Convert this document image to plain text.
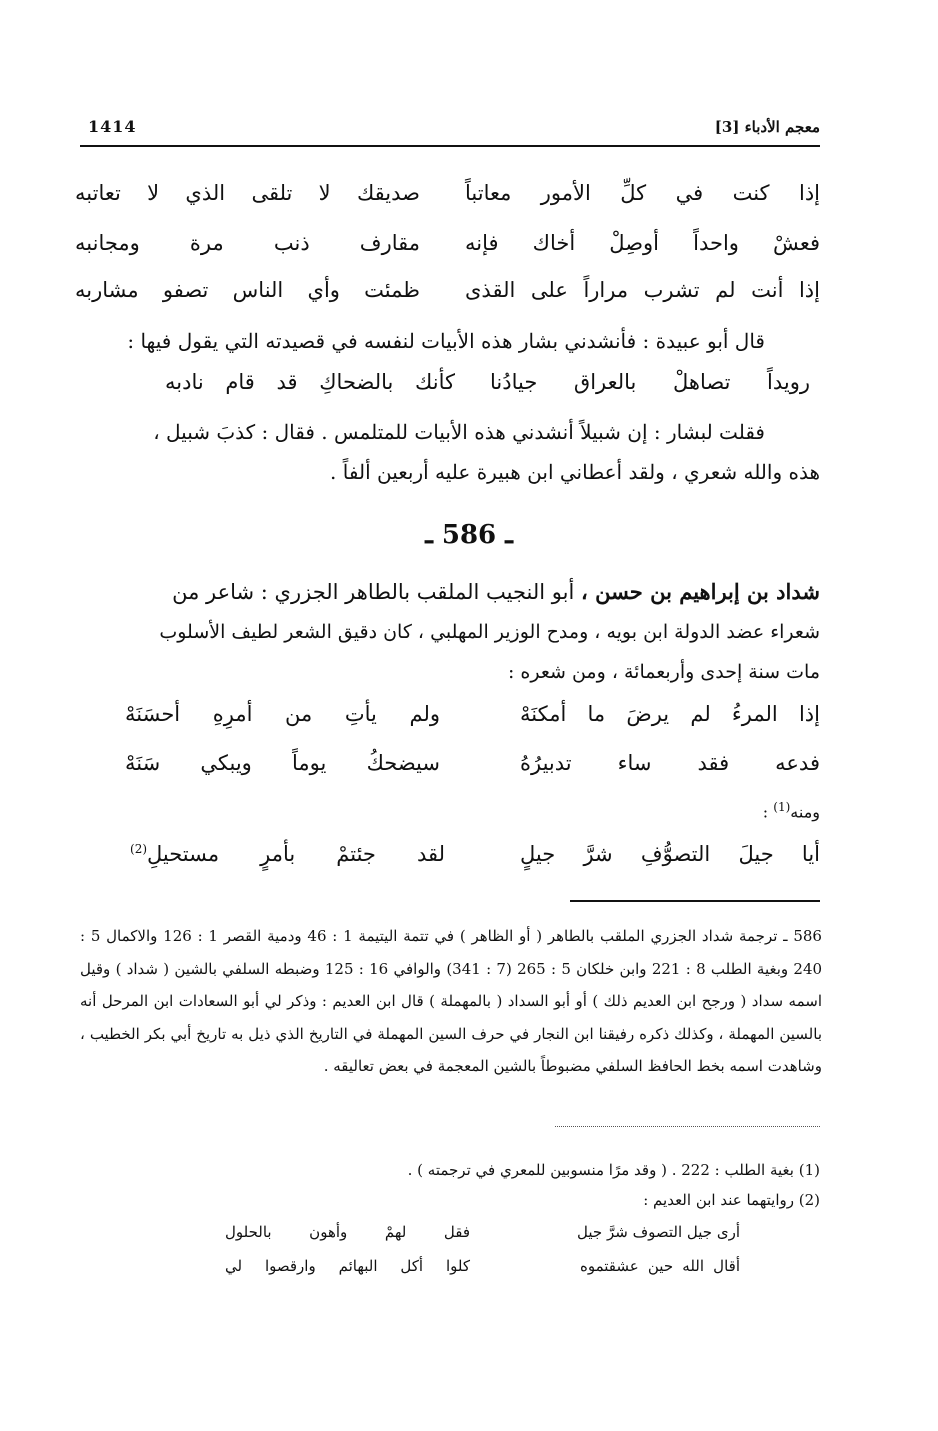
معجم الأدباء [3]
1414
إذا كنت في كلِّ الأمور معاتباً
صديقك لا تلقى الذي لا تعاتبه
فعشْ واحداً أوصِلْ أخاك فإنه
مقارف ذنب مرة ومجانبه
إذا أنت لم تشرب مراراً على القذى
ظمئت وأي الناس تصفو مشاربه
قال أبو عبيدة : فأنشدني بشار هذه الأبيات لنفسه في قصيدته التي يقول فيها :
رويداً تصاهلْ بالعراق جيادُنا
كأنك بالضحاكِ قد قام نادبه
فقلت لبشار : إن شبيلاً أنشدني هذه الأبيات للمتلمس . فقال : كذبَ شبيل ،
هذه والله شعري ، ولقد أعطاني ابن هبيرة عليه أربعين ألفاً .
ـ 586 ـ
شداد بن إبراهيم بن حسن ، أبو النجيب الملقب بالطاهر الجزري : شاعر من
شعراء عضد الدولة ابن بويه ، ومدح الوزير المهلبي ، كان دقيق الشعر لطيف الأسلوب
مات سنة إحدى وأربعمائة ، ومن شعره :
إذا المرءُ لم يرضَ ما أمكنَهْ
ولم يأتِ من أمرِهِ أحسَنَهْ
فدعه فقد ساء تدبيرُهُ
سيضحكُ يوماً ويبكي سَنَهْ
ومنه$^{(1)}$ :
أيا جيلَ التصوُّفِ شرَّ جيلٍ
لقد جئتمْ بأمرٍ مستحيلِ$^{(2)}$
586 ـ ترجمة شداد الجزري الملقب بالطاهر ( أو الظاهر ) في تتمة اليتيمة 1 : 46 ودمية القصر 1 : 126 والاكمال 5 : 240 وبغية الطلب 8 : 221 وابن خلكان 5 : 265 (7 : 341) والوافي 16 : 125 وضبطه السلفي بالشين ( شداد ) وقيل اسمه سداد ( ورجح ابن العديم ذلك ) أو أبو السداد ( بالمهملة ) قال ابن العديم : وذكر لي أبو السعادات ابن المرحل أنه بالسين المهملة ، وكذلك ذكره رفيقنا ابن النجار في حرف السين المهملة في التاريخ الذي ذيل به تاريخ أبي بكر الخطيب ، وشاهدت اسمه بخط الحافظ السلفي مضبوطاً بالشين المعجمة في بعض تعاليقه .
(1) بغية الطلب : 222 . ( وقد مرًا منسوبين للمعري في ترجمته ) .
(2) روايتهما عند ابن العديم :
أرى جيل التصوف شرَّ جيل
فقل لهمْ وأهون بالحلول
أقال الله حين عشقتموه
كلوا أكل البهائم وارقصوا لي
